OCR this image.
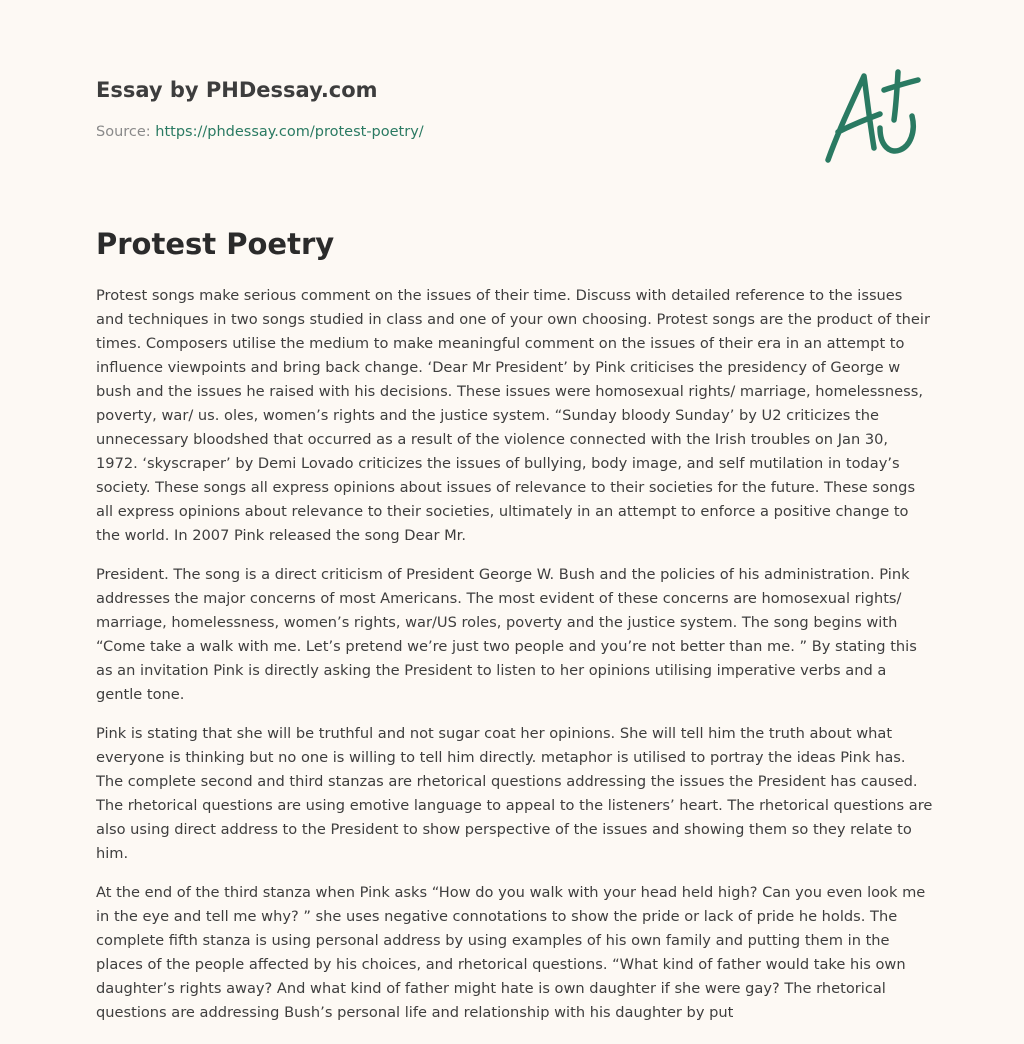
Essay by PHDessay.com
Source: https://phdessay.com/protest-poetry/
Protest Poetry

Protest songs make serious comment on the issues of their time. Discuss with detailed reference to the issues and techniques in two songs studied in class and one of your own choosing. Protest songs are the product of their times. Composers utilise the medium to make meaningful comment on the issues of their era in an attempt to influence viewpoints and bring back change. ‘Dear Mr President’ by Pink criticises the presidency of George w bush and the issues he raised with his decisions. These issues were homosexual rights/ marriage, homelessness, poverty, war/ us. oles, women’s rights and the justice system. “Sunday bloody Sunday’ by U2 criticizes the unnecessary bloodshed that occurred as a result of the violence connected with the Irish troubles on Jan 30, 1972. ‘skyscraper’ by Demi Lovado criticizes the issues of bullying, body image, and self mutilation in today’s society. These songs all express opinions about issues of relevance to their societies for the future. These songs all express opinions about relevance to their societies, ultimately in an attempt to enforce a positive change to the world. In 2007 Pink released the song Dear Mr.

President. The song is a direct criticism of President George W. Bush and the policies of his administration. Pink addresses the major concerns of most Americans. The most evident of these concerns are homosexual rights/ marriage, homelessness, women’s rights, war/US roles, poverty and the justice system. The song begins with “Come take a walk with me. Let’s pretend we’re just two people and you’re not better than me. ” By stating this as an invitation Pink is directly asking the President to listen to her opinions utilising imperative verbs and a gentle tone.

Pink is stating that she will be truthful and not sugar coat her opinions. She will tell him the truth about what everyone is thinking but no one is willing to tell him directly. metaphor is utilised to portray the ideas Pink has. The complete second and third stanzas are rhetorical questions addressing the issues the President has caused. The rhetorical questions are using emotive language to appeal to the listeners’ heart. The rhetorical questions are also using direct address to the President to show perspective of the issues and showing them so they relate to him.

At the end of the third stanza when Pink asks “How do you walk with your head held high? Can you even look me in the eye and tell me why? ” she uses negative connotations to show the pride or lack of pride he holds. The complete fifth stanza is using personal address by using examples of his own family and putting them in the places of the people affected by his choices, and rhetorical questions. “What kind of father would take his own daughter’s rights away? And what kind of father might hate is own daughter if she were gay? The rhetorical questions are addressing Bush’s personal life and relationship with his daughter by put
